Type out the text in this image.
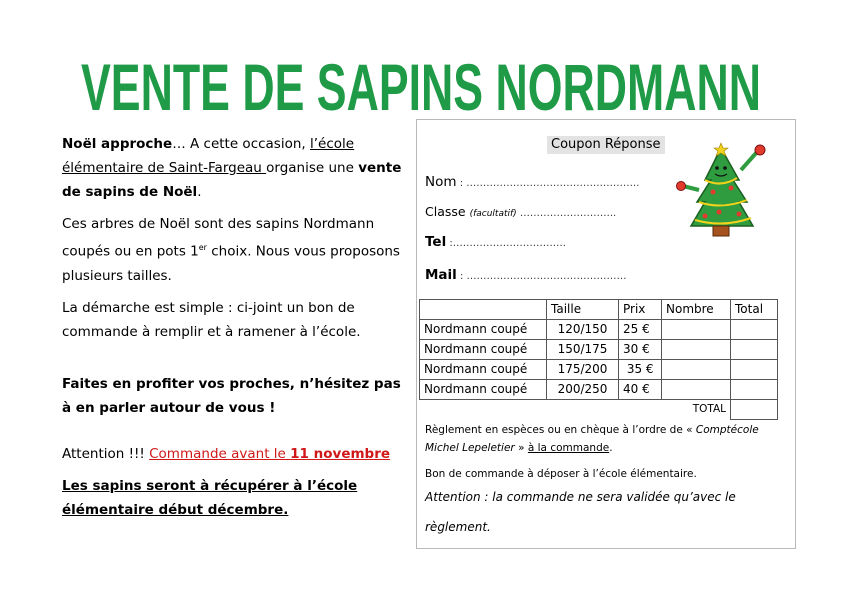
VENTE DE SAPINS NORDMANN

Noël approche… A cette occasion, l’école élémentaire de Saint-Fargeau organise une vente de sapins de Noël.

Ces arbres de Noël sont des sapins Nordmann coupés ou en pots 1er choix. Nous vous proposons plusieurs tailles.

La démarche est simple : ci-joint un bon de commande à remplir et à ramener à l’école.

Faites en profiter vos proches, n’hésitez pas à en parler autour de vous !

Attention !!! Commande avant le 11 novembre

Les sapins seront à récupérer à l’école élémentaire début décembre.

Coupon Réponse
Nom : …………………………………………….
Classe (facultatif) ………………………..
Tel :…………………………….
Mail : …………………………………………
	Taille	Prix	Nombre	Total
Nordmann coupé	120/150	25 €		
Nordmann coupé	150/175	30 €		
Nordmann coupé	175/200	35 €		
Nordmann coupé	200/250	40 €		
			TOTAL	
Règlement en espèces ou en chèque à l’ordre de « Comptécole Michel Lepeletier » à la commande.
Bon de commande à déposer à l’école élémentaire.
Attention : la commande ne sera validée qu’avec le
règlement.
